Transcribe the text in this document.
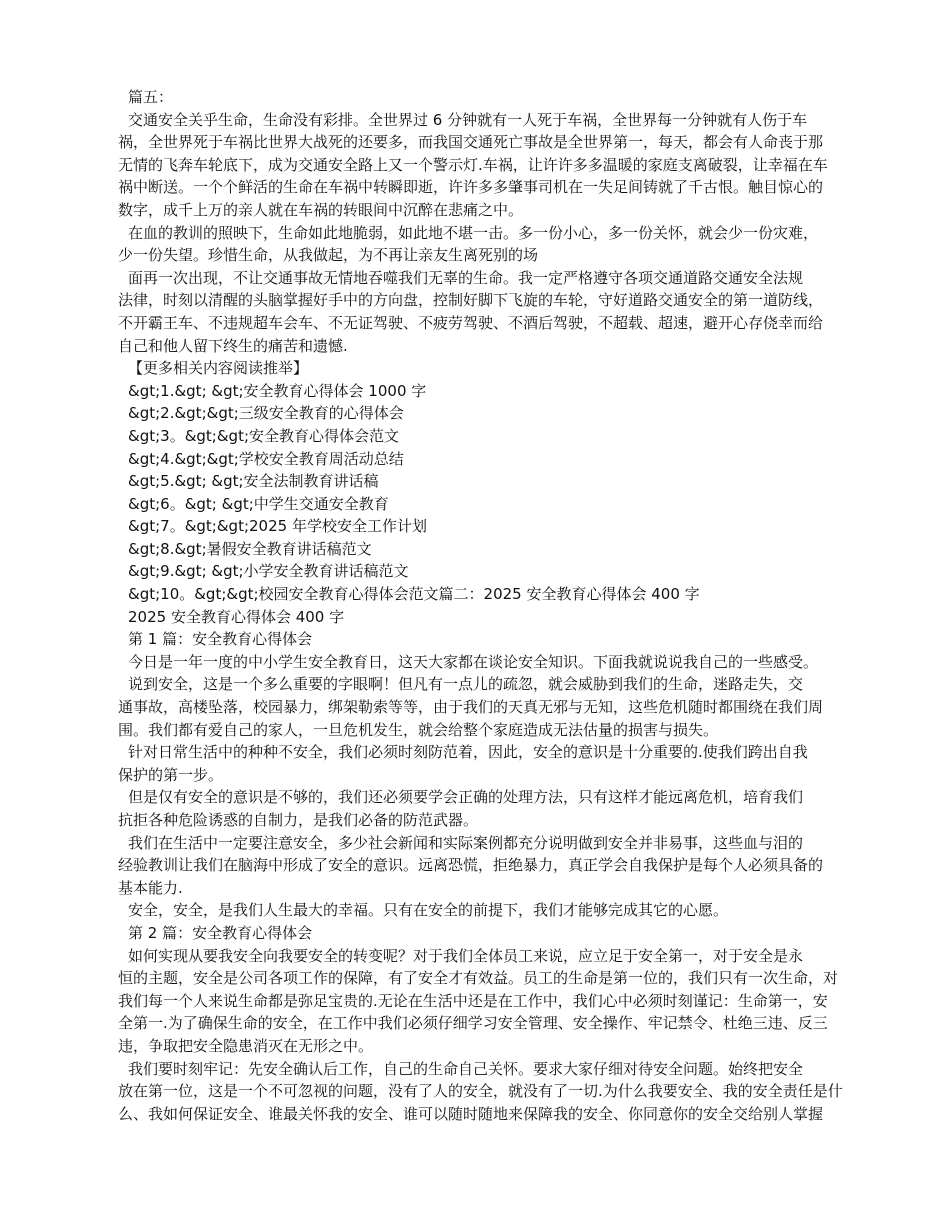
篇五：
交通安全关乎生命，生命没有彩排。全世界过 6 分钟就有一人死于车祸，全世界每一分钟就有人伤于车
祸，全世界死于车祸比世界大战死的还要多，而我国交通死亡事故是全世界第一，每天，都会有人命丧于那
无情的飞奔车轮底下，成为交通安全路上又一个警示灯.车祸，让许许多多温暖的家庭支离破裂，让幸福在车
祸中断送。一个个鲜活的生命在车祸中转瞬即逝，许许多多肇事司机在一失足间铸就了千古恨。触目惊心的
数字，成千上万的亲人就在车祸的转眼间中沉醉在悲痛之中。
在血的教训的照映下，生命如此地脆弱，如此地不堪一击。多一份小心，多一份关怀，就会少一份灾难，
少一份失望。珍惜生命，从我做起，为不再让亲友生离死别的场
面再一次出现，不让交通事故无情地吞噬我们无辜的生命。我一定严格遵守各项交通道路交通安全法规
法律，时刻以清醒的头脑掌握好手中的方向盘，控制好脚下飞旋的车轮，守好道路交通安全的第一道防线，
不开霸王车、不违规超车会车、不无证驾驶、不疲劳驾驶、不酒后驾驶，不超载、超速，避开心存侥幸而给
自己和他人留下终生的痛苦和遗憾.
【更多相关内容阅读推举】
&gt;1.&gt; &gt;安全教育心得体会 1000 字
&gt;2.&gt;&gt;三级安全教育的心得体会
&gt;3。&gt;&gt;安全教育心得体会范文
&gt;4.&gt;&gt;学校安全教育周活动总结
&gt;5.&gt; &gt;安全法制教育讲话稿
&gt;6。&gt; &gt;中学生交通安全教育
&gt;7。&gt;&gt;2025 年学校安全工作计划
&gt;8.&gt;暑假安全教育讲话稿范文
&gt;9.&gt; &gt;小学安全教育讲话稿范文
&gt;10。&gt;&gt;校园安全教育心得体会范文篇二：2025 安全教育心得体会 400 字
2025 安全教育心得体会 400 字
第 1 篇：安全教育心得体会
今日是一年一度的中小学生安全教育日，这天大家都在谈论安全知识。下面我就说说我自己的一些感受。
说到安全，这是一个多么重要的字眼啊！但凡有一点儿的疏忽，就会威胁到我们的生命，迷路走失，交
通事故，高楼坠落，校园暴力，绑架勒索等等，由于我们的天真无邪与无知，这些危机随时都围绕在我们周
围。我们都有爱自己的家人，一旦危机发生，就会给整个家庭造成无法估量的损害与损失。
针对日常生活中的种种不安全，我们必须时刻防范着，因此，安全的意识是十分重要的.使我们跨出自我
保护的第一步。
但是仅有安全的意识是不够的，我们还必须要学会正确的处理方法，只有这样才能远离危机，培育我们
抗拒各种危险诱惑的自制力，是我们必备的防范武器。
我们在生活中一定要注意安全，多少社会新闻和实际案例都充分说明做到安全并非易事，这些血与泪的
经验教训让我们在脑海中形成了安全的意识。远离恐慌，拒绝暴力，真正学会自我保护是每个人必须具备的
基本能力.
安全，安全，是我们人生最大的幸福。只有在安全的前提下，我们才能够完成其它的心愿。
第 2 篇：安全教育心得体会
如何实现从要我安全向我要安全的转变呢？对于我们全体员工来说，应立足于安全第一，对于安全是永
恒的主题，安全是公司各项工作的保障，有了安全才有效益。员工的生命是第一位的，我们只有一次生命，对
我们每一个人来说生命都是弥足宝贵的.无论在生活中还是在工作中，我们心中必须时刻谨记：生命第一，安
全第一.为了确保生命的安全，在工作中我们必须仔细学习安全管理、安全操作、牢记禁令、杜绝三违、反三
违，争取把安全隐患消灭在无形之中。
我们要时刻牢记：先安全确认后工作，自己的生命自己关怀。要求大家仔细对待安全问题。始终把安全
放在第一位，这是一个不可忽视的问题，没有了人的安全，就没有了一切.为什么我要安全、我的安全责任是什
么、我如何保证安全、谁最关怀我的安全、谁可以随时随地来保障我的安全、你同意你的安全交给别人掌握
